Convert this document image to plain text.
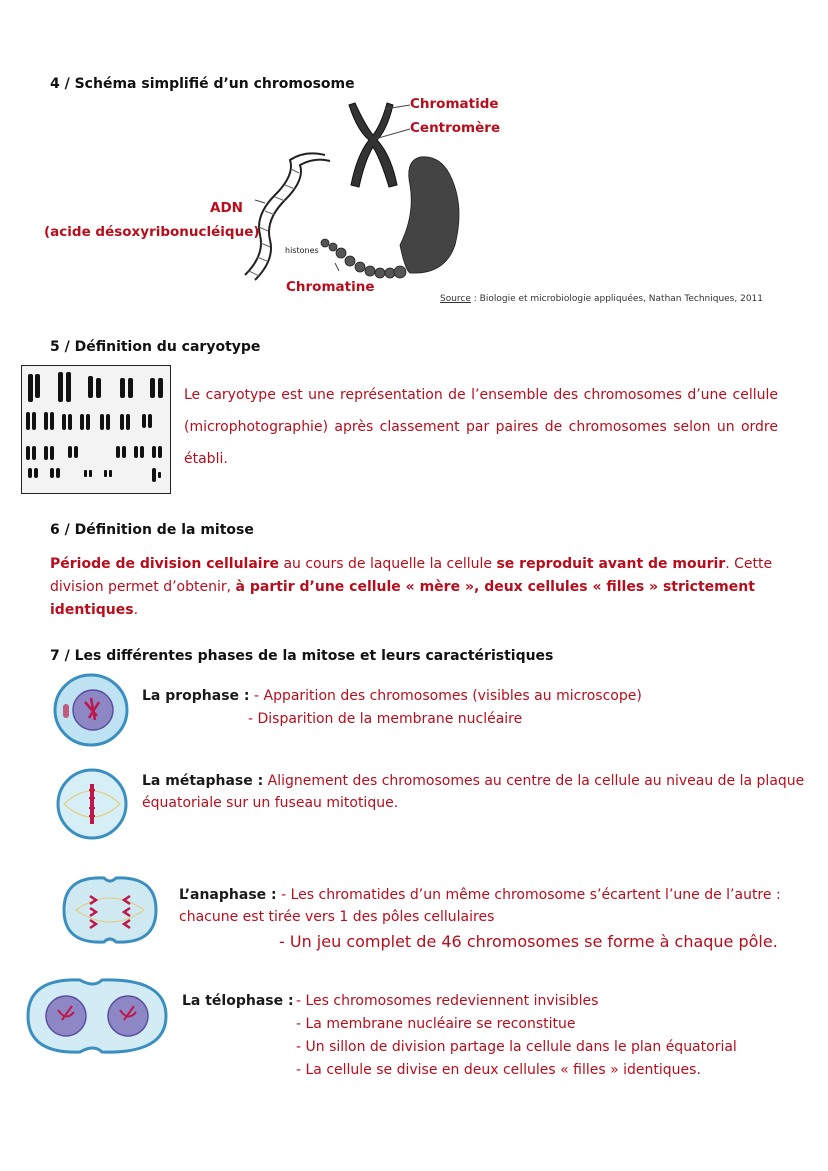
4 / Schéma simplifié d’un chromosome
Chromatide
Centromère
ADN
(acide désoxyribonucléique)
histones
Chromatine
Source : Biologie et microbiologie appliquées, Nathan Techniques, 2011
5 / Définition du caryotype
Le caryotype est une représentation de l’ensemble des chromosomes d’une cellule (microphotographie) après classement par paires de chromosomes selon un ordre établi.
6 / Définition de la mitose
Période de division cellulaire au cours de laquelle la cellule se reproduit avant de mourir. Cette division permet d’obtenir, à partir d’une cellule « mère », deux cellules « filles » strictement identiques.
7 / Les différentes phases de la mitose et leurs caractéristiques
La prophase : - Apparition des chromosomes (visibles au microscope)
- Disparition de la membrane nucléaire
La métaphase : Alignement des chromosomes au centre de la cellule au niveau de la plaque
équatoriale sur un fuseau mitotique.
L’anaphase : - Les chromatides d’un même chromosome s’écartent l’une de l’autre :
chacune est tirée vers 1 des pôles cellulaires
- Un jeu complet de 46 chromosomes se forme à chaque pôle.
La télophase : - Les chromosomes redeviennent invisibles
- La membrane nucléaire se reconstitue
- Un sillon de division partage la cellule dans le plan équatorial
- La cellule se divise en deux cellules « filles » identiques.
